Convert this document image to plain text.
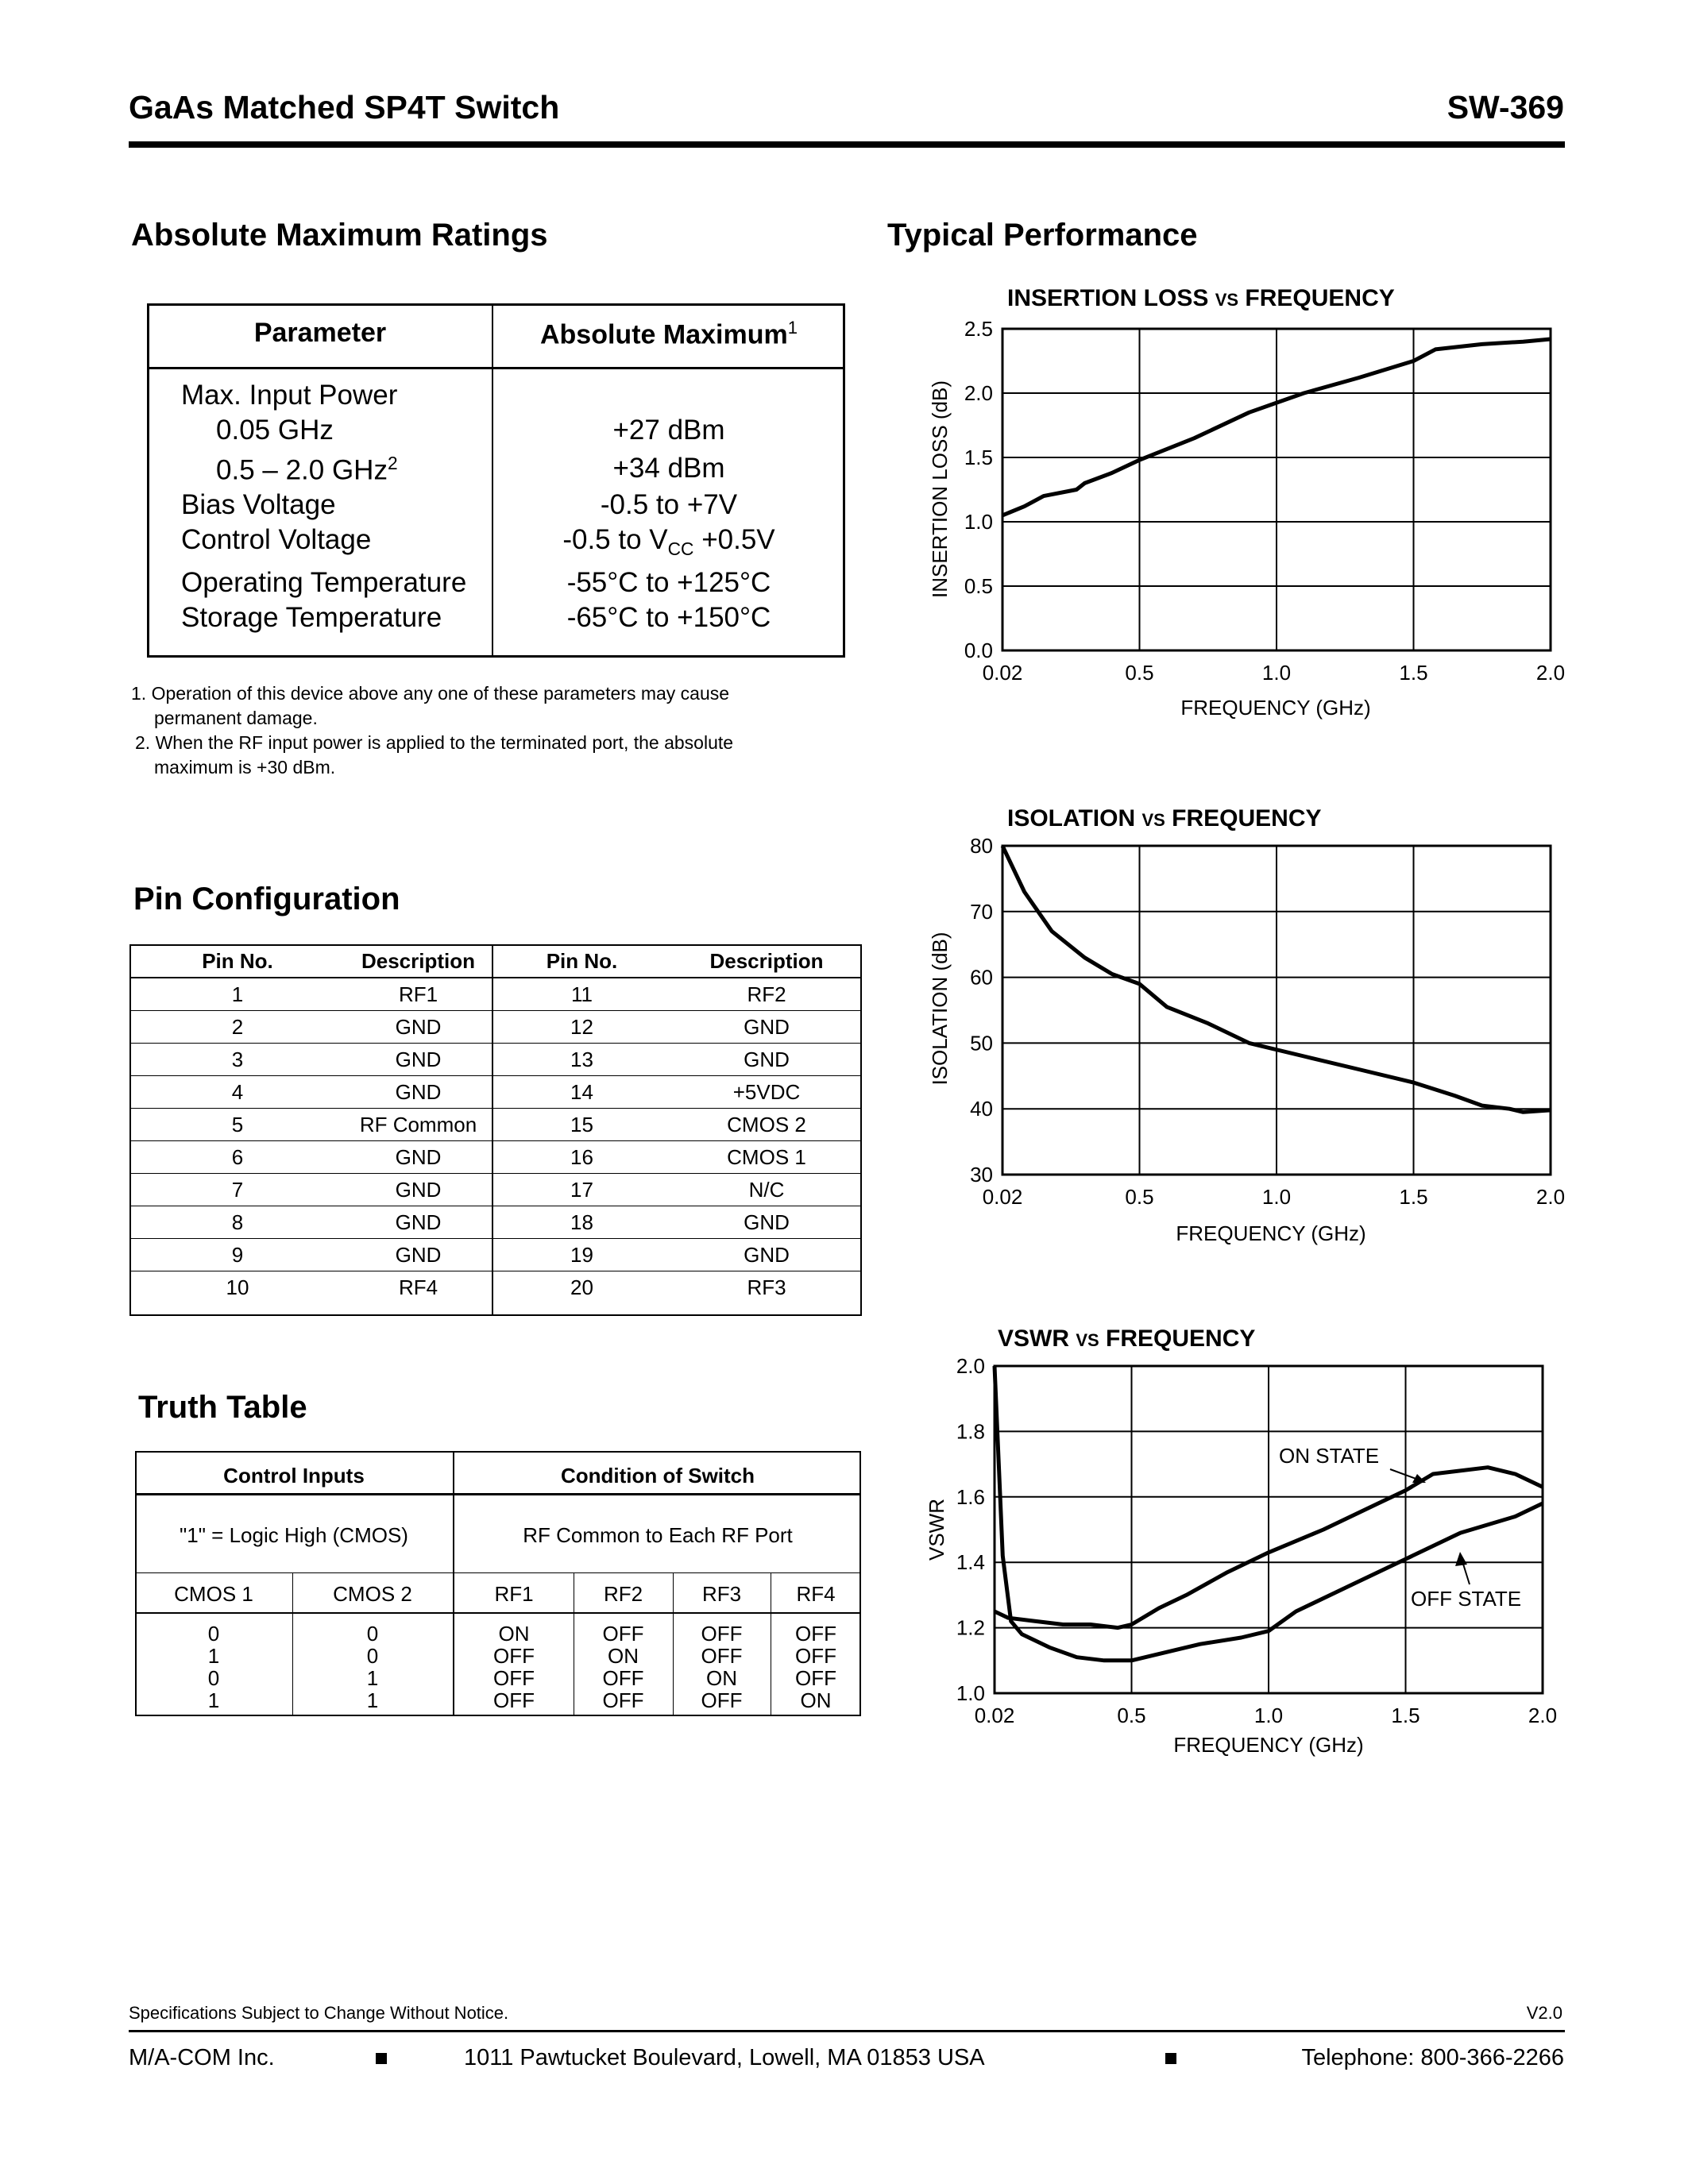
GaAs Matched SP4T Switch	SW-369
Absolute Maximum Ratings
Parameter	Absolute Maximum$^1$
Max. Input Power
0.05 GHz	+27 dBm
0.5 – 2.0 GHz$^2$	+34 dBm
Bias Voltage	-0.5 to +7V
Control Voltage	-0.5 to $V_{CC} +0.5V$
Operating Temperature	-55°C to +125°C
Storage Temperature	-65°C to +150°C
1. Operation of this device above any one of these parameters may cause
permanent damage.
2. When the RF input power is applied to the terminated port, the absolute
maximum is +30 dBm.
Pin Configuration
Pin No.	Description	Pin No.	Description
1	RF1	11	RF2
2	GND	12	GND
3	GND	13	GND
4	GND	14	+5VDC
5	RF Common	15	CMOS 2
6	GND	16	CMOS 1
7	GND	17	N/C
8	GND	18	GND
9	GND	19	GND
10	RF4	20	RF3
Truth Table
Control Inputs	Condition of Switch
"1" = Logic High (CMOS)	RF Common to Each RF Port
CMOS 1	CMOS 2	RF1	RF2	RF3	RF4
0	0	ON	OFF	OFF	OFF
1	0	OFF	ON	OFF	OFF
0	1	OFF	OFF	ON	OFF
1	1	OFF	OFF	OFF	ON
Typical Performance
INSERTION LOSS VS FREQUENCY
0.0
0.5
1.0
1.5
2.0
2.5
0.02	0.5	1.0	1.5	2.0
FREQUENCY (GHz)
INSERTION LOSS (dB)
ISOLATION VS FREQUENCY
30
40
50
60
70
80
0.02	0.5	1.0	1.5	2.0
FREQUENCY (GHz)
ISOLATION (dB)
VSWR VS FREQUENCY
1.0
1.2
1.4
1.6
1.8
2.0
0.02	0.5	1.0	1.5	2.0
ON STATE
OFF STATE
FREQUENCY (GHz)
VSWR
Specifications Subject to Change Without Notice.	V2.0
M/A-COM Inc.	1011 Pawtucket Boulevard, Lowell, MA 01853 USA	Telephone: 800-366-2266
